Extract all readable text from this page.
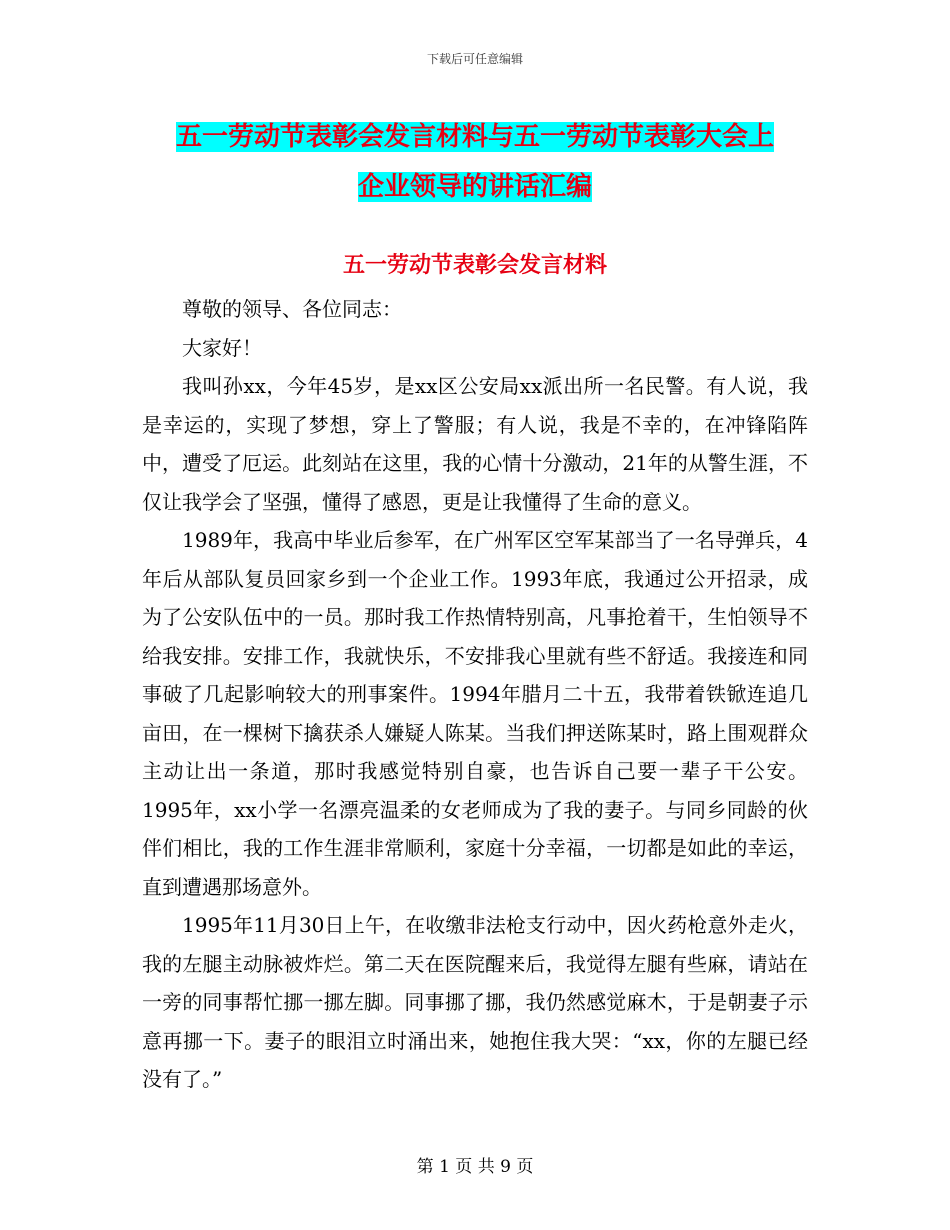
下载后可任意编辑
五一劳动节表彰会发言材料与五一劳动节表彰大会上
企业领导的讲话汇编
五一劳动节表彰会发言材料

尊敬的领导、各位同志：

大家好！

我叫孙xx，今年45岁，是xx区公安局xx派出所一名民警。有人说，我是幸运的，实现了梦想，穿上了警服；有人说，我是不幸的，在冲锋陷阵中，遭受了厄运。此刻站在这里，我的心情十分激动，21年的从警生涯，不仅让我学会了坚强，懂得了感恩，更是让我懂得了生命的意义。

1989年，我高中毕业后参军，在广州军区空军某部当了一名导弹兵，4年后从部队复员回家乡到一个企业工作。1993年底，我通过公开招录，成为了公安队伍中的一员。那时我工作热情特别高，凡事抢着干，生怕领导不给我安排。安排工作，我就快乐，不安排我心里就有些不舒适。我接连和同事破了几起影响较大的刑事案件。1994年腊月二十五，我带着铁锨连追几亩田，在一棵树下擒获杀人嫌疑人陈某。当我们押送陈某时，路上围观群众主动让出一条道，那时我感觉特别自豪，也告诉自己要一辈子干公安。1995年，xx小学一名漂亮温柔的女老师成为了我的妻子。与同乡同龄的伙伴们相比，我的工作生涯非常顺利，家庭十分幸福，一切都是如此的幸运，直到遭遇那场意外。

1995年11月30日上午，在收缴非法枪支行动中，因火药枪意外走火，我的左腿主动脉被炸烂。第二天在医院醒来后，我觉得左腿有些麻，请站在一旁的同事帮忙挪一挪左脚。同事挪了挪，我仍然感觉麻木，于是朝妻子示意再挪一下。妻子的眼泪立时涌出来，她抱住我大哭：“xx，你的左腿已经没有了。”

第 1 页 共 9 页
